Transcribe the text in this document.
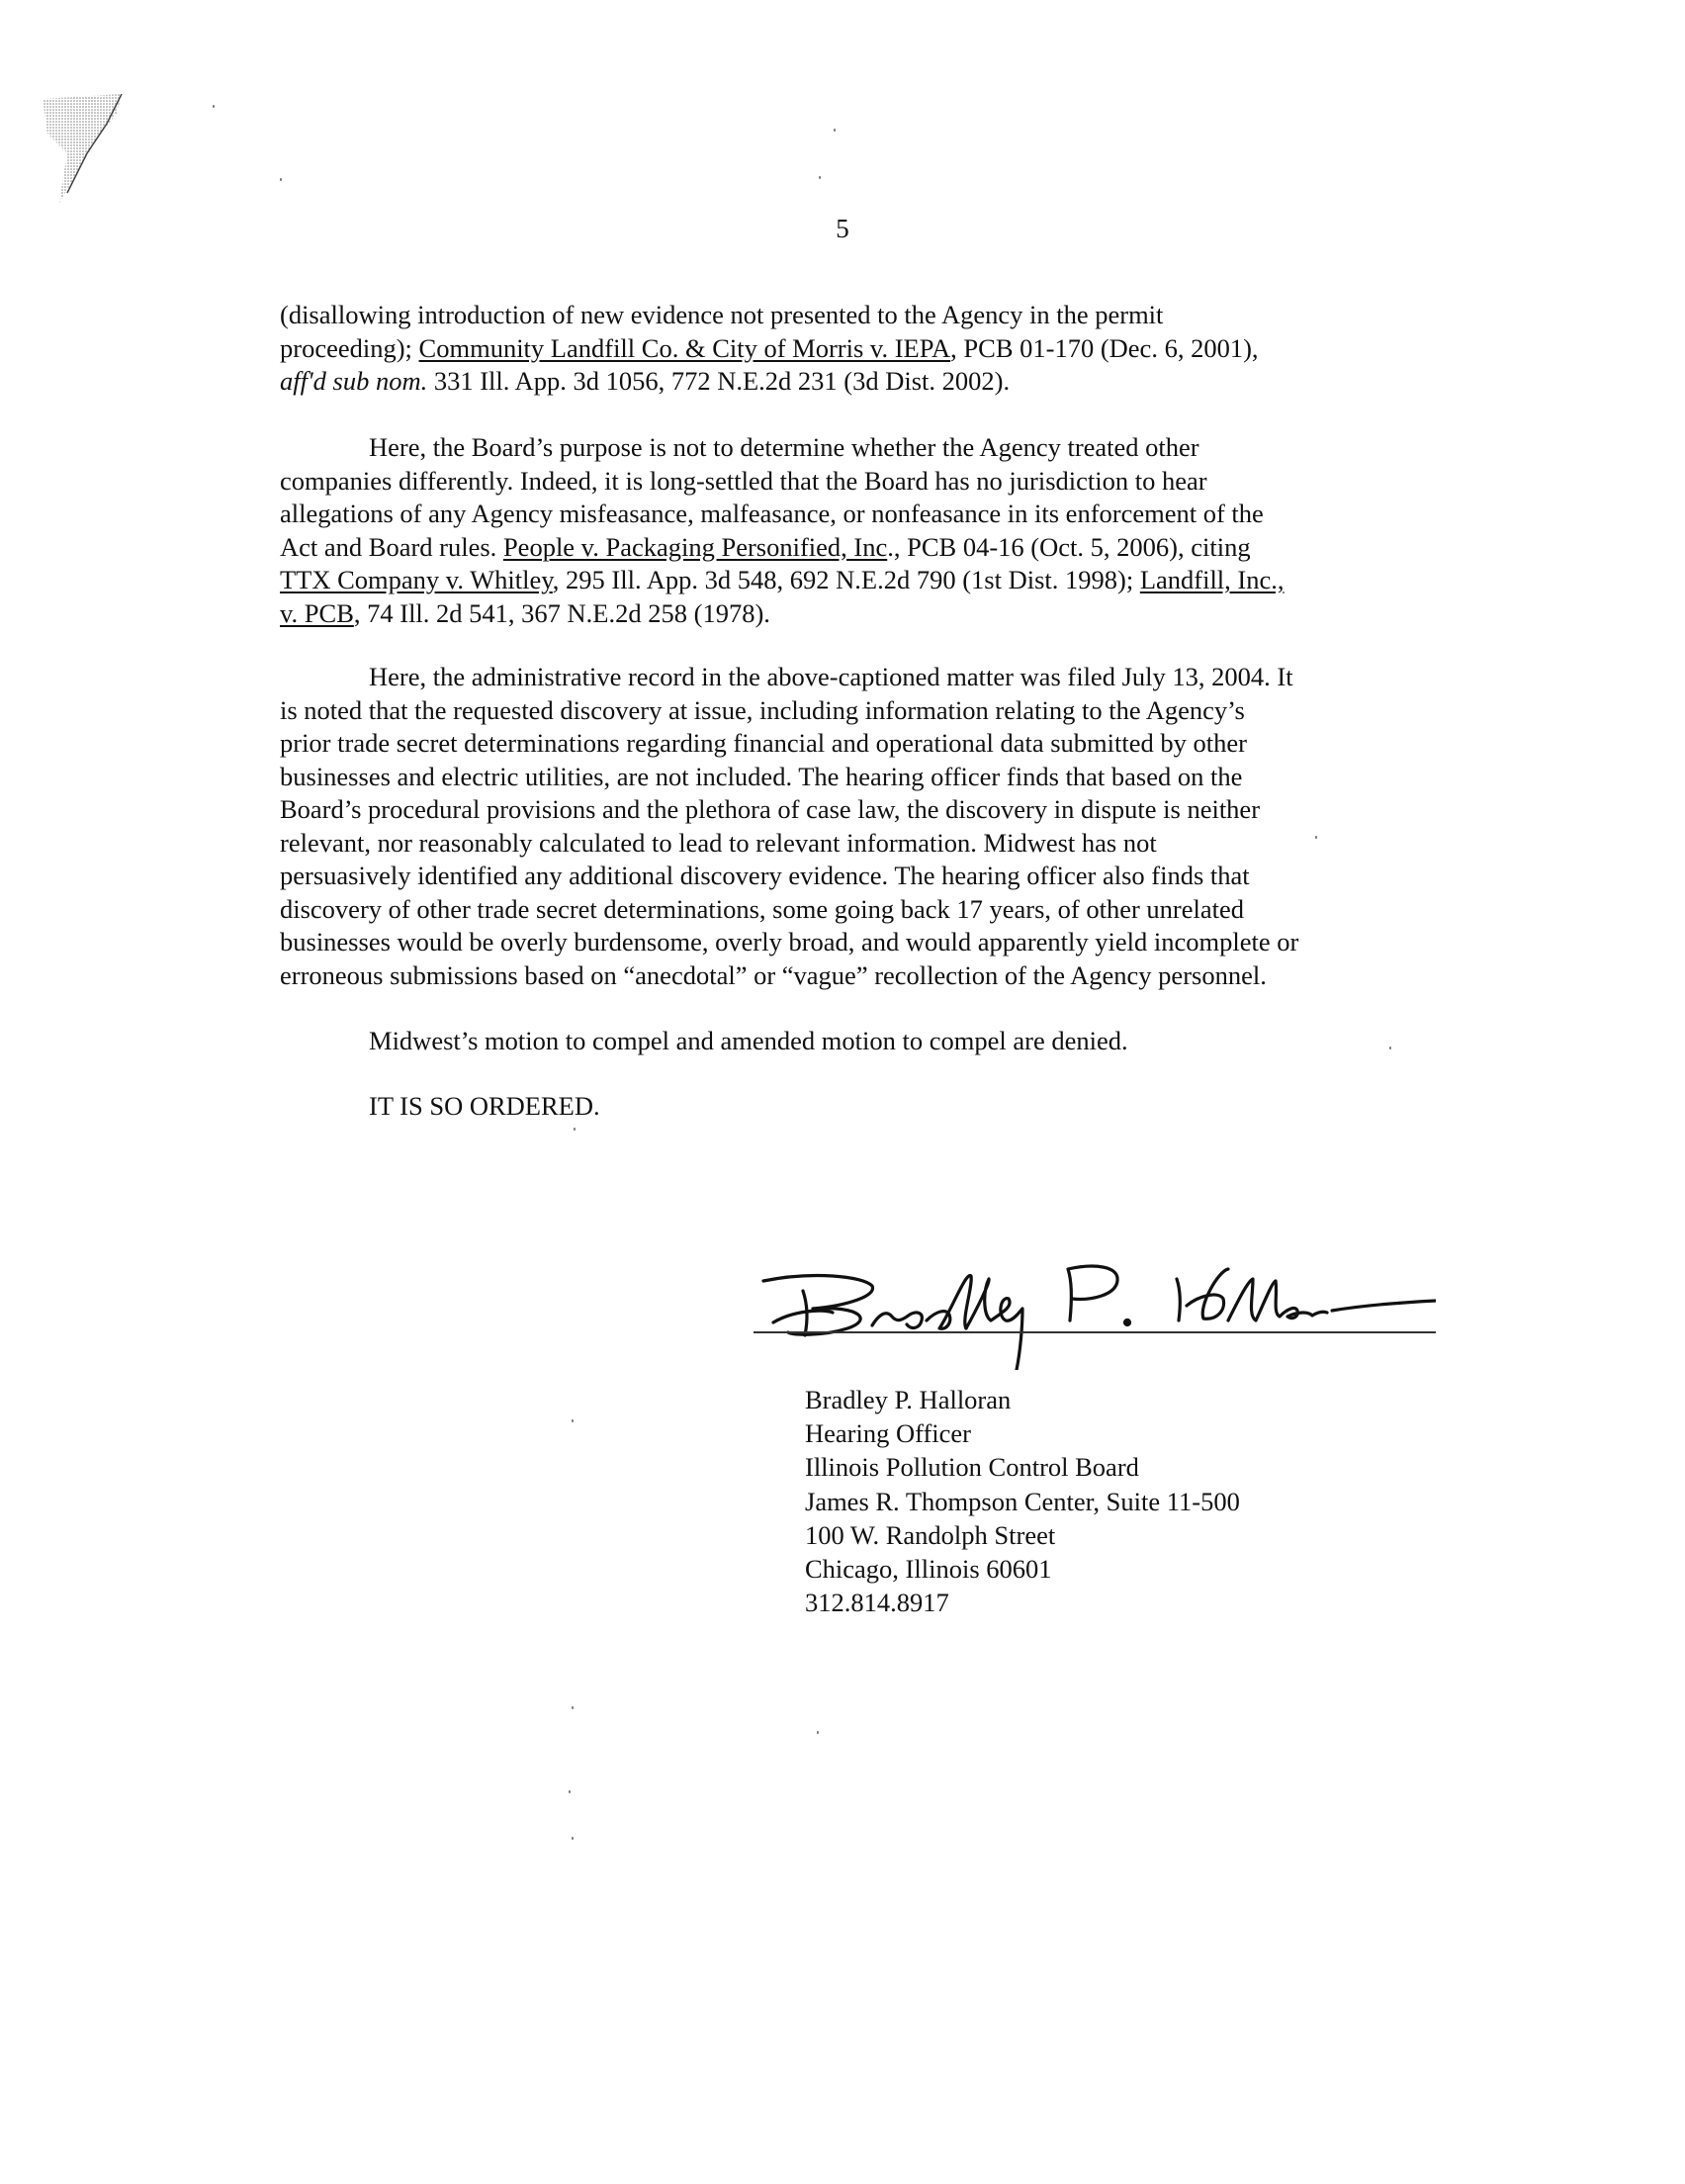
5
(disallowing introduction of new evidence not presented to the Agency in the permit
proceeding); Community Landfill Co. & City of Morris v. IEPA, PCB 01-170 (Dec. 6, 2001),
aff'd sub nom. 331 Ill. App. 3d 1056, 772 N.E.2d 231 (3d Dist. 2002).
Here, the Board’s purpose is not to determine whether the Agency treated other
companies differently. Indeed, it is long-settled that the Board has no jurisdiction to hear
allegations of any Agency misfeasance, malfeasance, or nonfeasance in its enforcement of the
Act and Board rules. People v. Packaging Personified, Inc., PCB 04-16 (Oct. 5, 2006), citing
TTX Company v. Whitley, 295 Ill. App. 3d 548, 692 N.E.2d 790 (1st Dist. 1998); Landfill, Inc.,
v. PCB, 74 Ill. 2d 541, 367 N.E.2d 258 (1978).
Here, the administrative record in the above-captioned matter was filed July 13, 2004. It
is noted that the requested discovery at issue, including information relating to the Agency’s
prior trade secret determinations regarding financial and operational data submitted by other
businesses and electric utilities, are not included. The hearing officer finds that based on the
Board’s procedural provisions and the plethora of case law, the discovery in dispute is neither
relevant, nor reasonably calculated to lead to relevant information. Midwest has not
persuasively identified any additional discovery evidence. The hearing officer also finds that
discovery of other trade secret determinations, some going back 17 years, of other unrelated
businesses would be overly burdensome, overly broad, and would apparently yield incomplete or
erroneous submissions based on “anecdotal” or “vague” recollection of the Agency personnel.
Midwest’s motion to compel and amended motion to compel are denied.
IT IS SO ORDERED.
Bradley P. Halloran
Hearing Officer
Illinois Pollution Control Board
James R. Thompson Center, Suite 11-500
100 W. Randolph Street
Chicago, Illinois 60601
312.814.8917
